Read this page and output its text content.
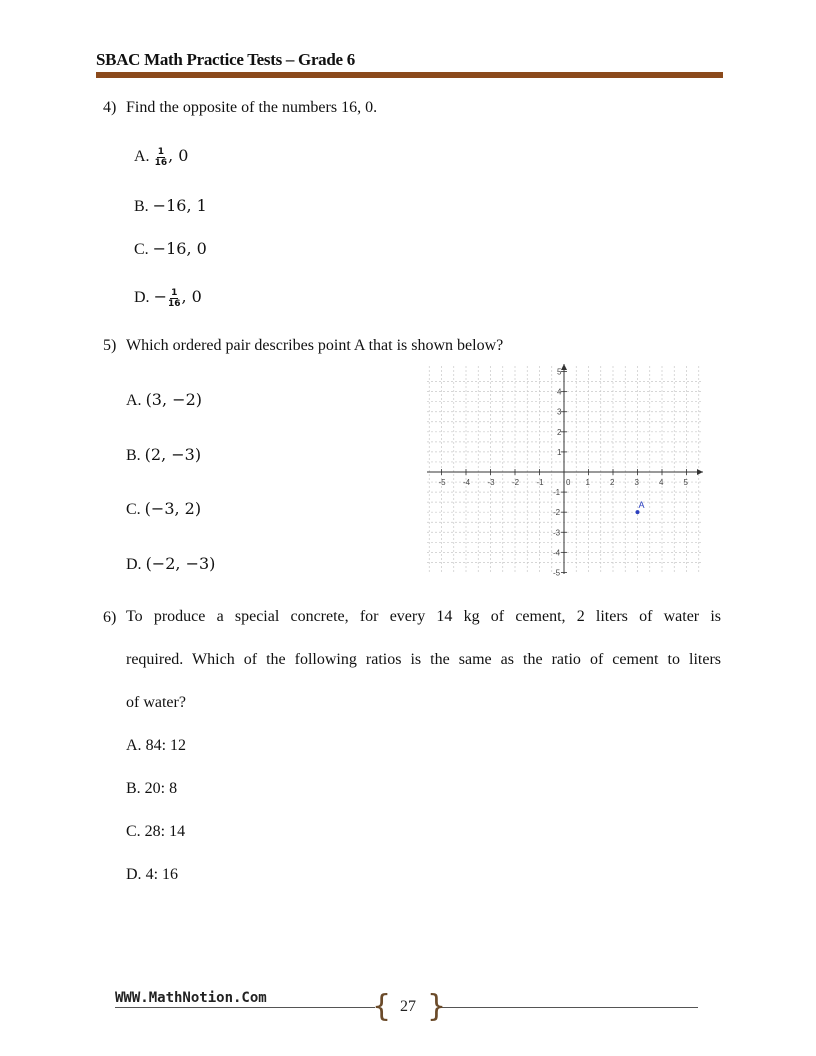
SBAC Math Practice Tests – Grade 6
4) Find the opposite of the numbers 16, 0.
A. $\frac{1}{16}$ , 0
B. −16, 1
C. −16, 0
D. − $\frac{1}{16}$ , 0
5) Which ordered pair describes point A that is shown below?
A. (3, −2)
B. (2, −3)
C. (−3, 2)
D. (−2, −3)
-5 -4 -3 -2 -1	0 1	2	3	4	5
5
4
3
2
1
-1
-2
-3
-4
-5
A
6) To produce a special concrete, for every 14 kg of cement, 2 liters of water is
required. Which of the following ratios is the same as the ratio of cement to liters
of water?
A. 84: 12
B. 20: 8
C. 28: 14
D. 4: 16
WWW.MathNotion.Com	{ 27 }
